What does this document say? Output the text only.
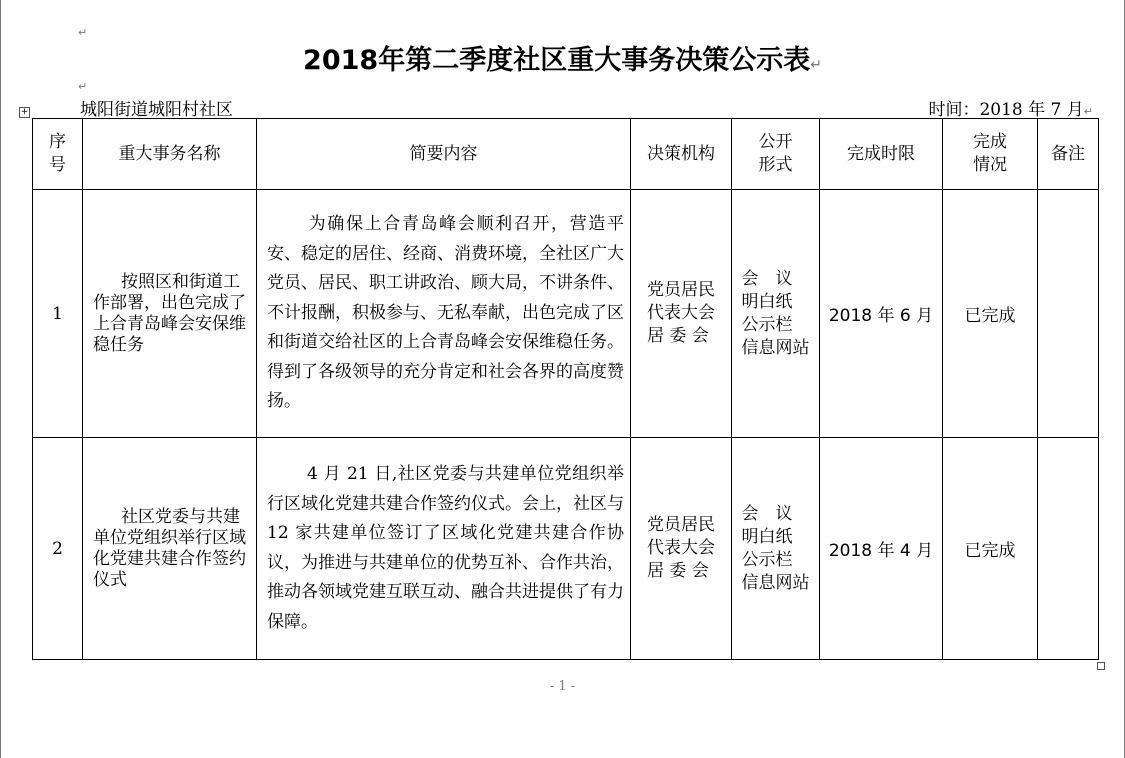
↵
↵
2018年第二季度社区重大事务决策公示表↵
+	城阳街道城阳村社区	时间：2018 年 7 月↵
序
号	重大事务名称	简要内容	决策机构	公开
形式	完成时限	完成
情况	备注
1	按照区和街道工作部署，出色完成了上合青岛峰会安保维稳任务	为确保上合青岛峰会顺利召开，营造平安、稳定的居住、经商、消费环境，全社区广大党员、居民、职工讲政治、顾大局，不讲条件、不计报酬，积极参与、无私奉献，出色完成了区和街道交给社区的上合青岛峰会安保维稳任务。得到了各级领导的充分肯定和社会各界的高度赞扬。	党员居民
代表大会
居 委 会	会　议
明白纸
公示栏
信息网站	2018 年 6 月	已完成	
2	社区党委与共建单位党组织举行区域化党建共建合作签约仪式	4 月 21 日,社区党委与共建单位党组织举行区域化党建共建合作签约仪式。会上，社区与 12 家共建单位签订了区域化党建共建合作协议，为推进与共建单位的优势互补、合作共治，推动各领域党建互联互动、融合共进提供了有力保障。	党员居民
代表大会
居 委 会	会　议
明白纸
公示栏
信息网站	2018 年 4 月	已完成	
- 1 -
